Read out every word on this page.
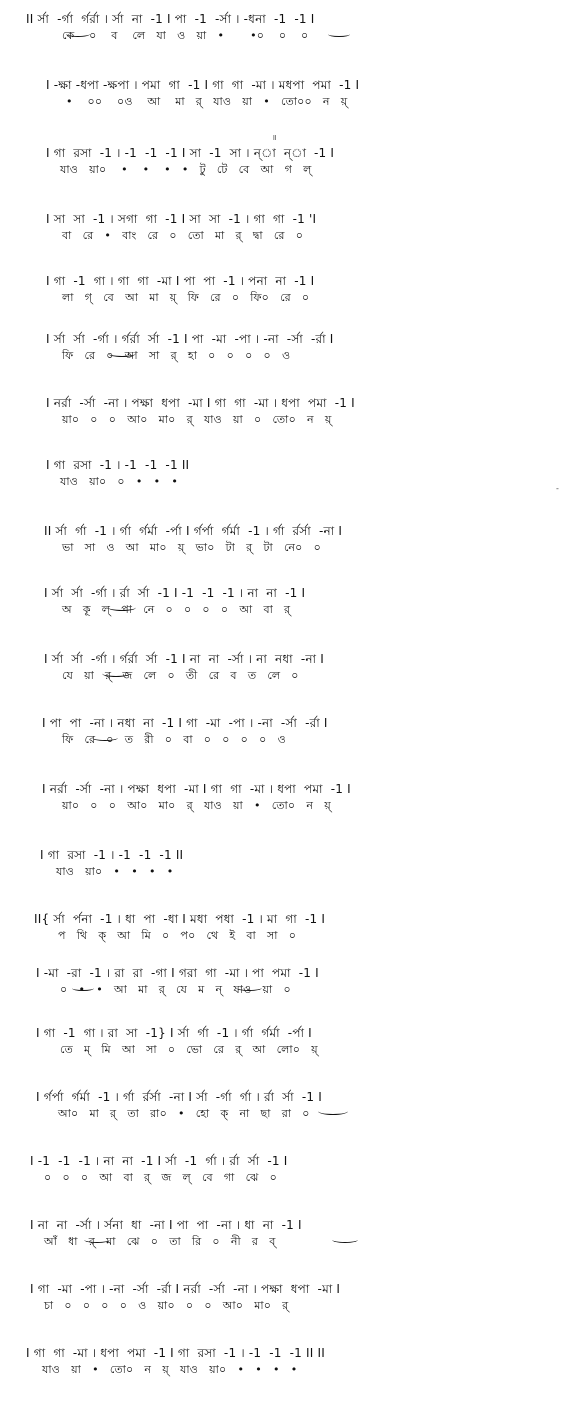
II র্সা  -র্গা  র্গর্রা । র্সা  না  -1 I পা  -1  -র্সা । -ধনা  -1  -1 I
কে    ০    ব    লে   যা   ও   য়া   •       •০    ০    ০
I -ক্ষা -ধপা -ক্ষপা । পমা  গা  -1 I গা  গা  -মা । মধপা  পমা  -1 I
•    ০০    ০ও    আ    মা   র্   যাও   য়া   •   তো০০   ন   য়্
॥
I গা  রসা  -1 । -1  -1  -1 I সা  -1  সা । ন্‌া  ন্‌া  -1 I
যাও   য়া০    •    •    •   •   টু   টে   বে   আ   গ   ল্
I সা  সা  -1 । সগা  গা  -1 I সা  সা  -1 । গা  গা  -1 'I
বা   রে   •   বাং   রে   ০   তো   মা   র্   দ্বা   রে   ০
I গা  -1  গা । গা  গা  -মা I পা  পা  -1 । পনা  না  -1 I
লা   গ্   বে   আ   মা   য়্   ফি   রে   ০   ফি০   রে   ০
I র্সা  র্সা  -র্গা । র্গর্রা  র্সা  -1 I পা  -মা  -পা । -না  -র্সা  -র্রা I
ফি   রে   ০   আ   সা   র্   হা   ০   ০   ০   ০   ও
I নর্রা  -র্সা  -না । পক্ষা  ধপা  -মা I গা  গা  -মা । ধপা  পমা  -1 I
য়া০   ০   ০   আ০   মা০   র্   যাও   য়া   ০   তো০   ন   য়্
I গা  রসা  -1 । -1  -1  -1 II
যাও   য়া০   ০   •   •   •
-
II র্সা  র্গা  -1 । র্গা  র্গর্মা  -র্পা I র্গর্পা  র্গর্মা  -1 । র্গা  র্রর্সা  -না I
ভা   সা   ও   আ   মা০   য়্   ভা০   টা   র্   টা   নে০   ০
I র্সা  র্সা  -র্গা । র্রা  র্সা  -1 I -1  -1  -1 । না  না  -1 I
অ   কূ   ল্   পা   নে   ০   ০   ০   ০   আ   বা   র্
I র্সা  র্সা  -র্গা । র্গর্রা  র্সা  -1 I না  না  -র্সা । না  নধা  -না I
যে   য়া   র্   জ   লে   ০   তী   রে   ব   ত   লে   ০
I পা  পা  -না । নধা  না  -1 I গা  -মা  -পা । -না  -র্সা  -র্রা I
ফি   রে   ০   ত   রী   ০   বা   ০   ০   ০   ০   ও
I নর্রা  -র্সা  -না । পক্ষা  ধপা  -মা I গা  গা  -মা । ধপা  পমা  -1 I
য়া০   ০   ০   আ০   মা০   র্   যাও   য়া   •   তো০   ন   য়্
I গা  রসা  -1 । -1  -1  -1 II
যাও   য়া০   •   •   •   •
II{ র্সা  র্পনা  -1 । ধা  পা  -ধা I মধা  পধা  -1 । মা  গা  -1 I
প   থি   ক্   আ   মি   ০   প০   থে   ই   বা   সা   ০
I -মা  -রা  -1 । রা  রা  -গা I গরা  গা  -মা । পা  পমা  -1 I
০   •   •   আ   মা   র্   যে   ম   ন্   যাও   য়া   ০
I গা  -1  গা । রা  সা  -1} I র্সা  র্গা  -1 । র্গা  র্গর্মা  -র্পা I
তে   ম্   মি   আ   সা   ০   ভো   রে   র্   আ   লো০   য়্
I র্গর্পা  র্গর্মা  -1 । র্গা  র্রর্সা  -না I র্সা  -র্গা  র্গা । র্রা  র্সা  -1 I
আ০   মা   র্   তা   রা০   •   হো   ক্   না   ছা   রা   ০
I -1  -1  -1 । না  না  -1 I র্সা  -1  র্গা । র্রা  র্সা  -1 I
০   ০   ০   আ   বা   র্   জ   ল্   বে   গা   ঝে   ০
I না  না  -র্সা । র্সনা  ধা  -না I পা  পা  -না । ধা  না  -1 I
আঁ   ধা   র্   মা   ঝে   ০   তা   রি   ০   নী   র   ব্
I গা  -মা  -পা । -না  -র্সা  -র্রা I নর্রা  -র্সা  -না । পক্ষা  ধপা  -মা I
চা   ০   ০   ০   ০   ও   য়া০   ০   ০   আ০   মা০   র্
I গা  গা  -মা । ধপা  পমা  -1 I গা  রসা  -1 । -1  -1  -1 II II
যাও   য়া   •   তো০   ন   য়্   যাও   য়া০   •   •   •   •
